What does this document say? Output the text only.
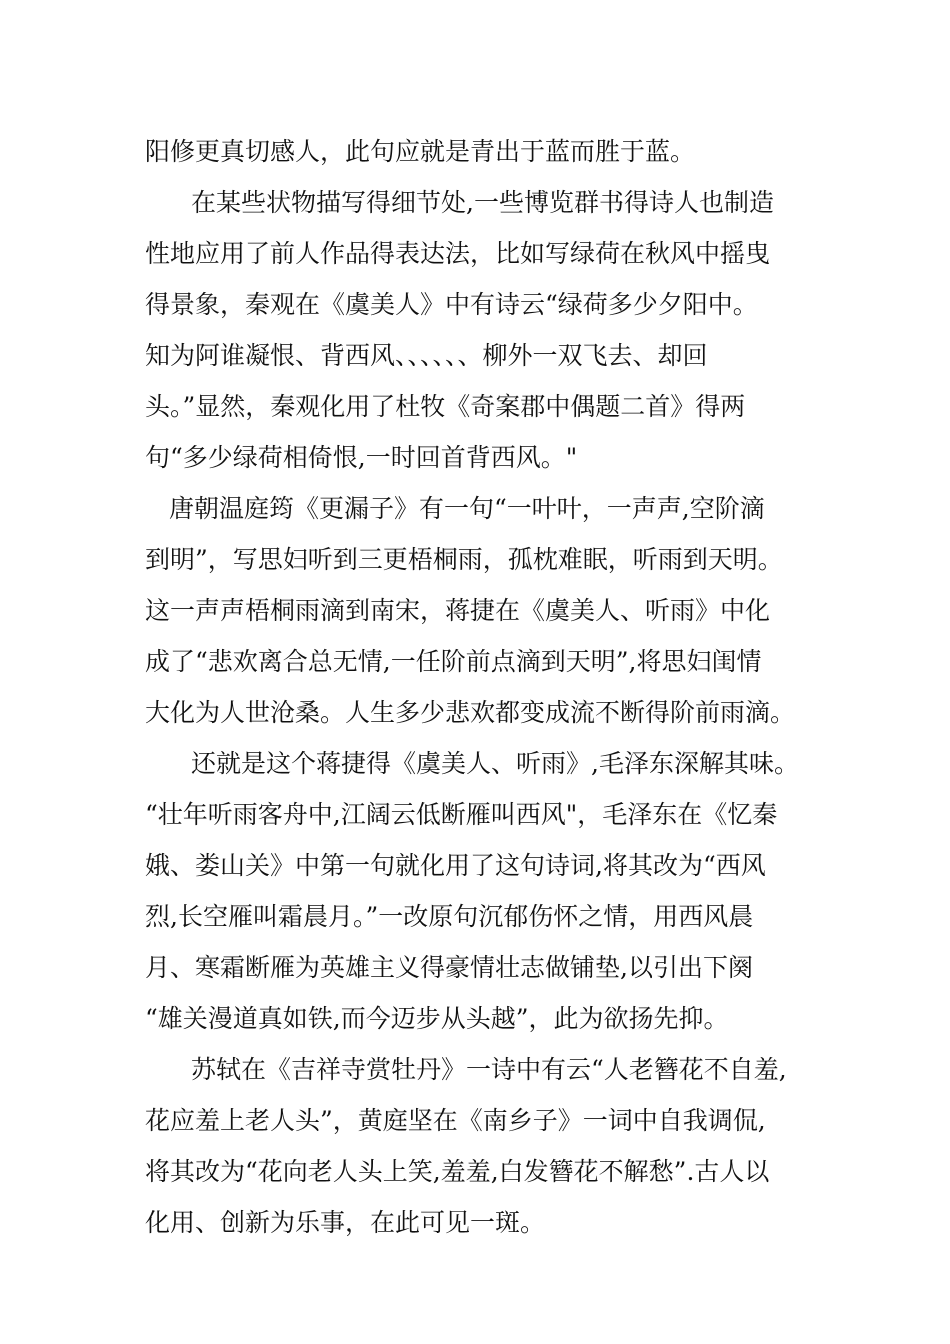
阳修更真切感人，此句应就是青出于蓝而胜于蓝。
在某些状物描写得细节处,一些博览群书得诗人也制造
性地应用了前人作品得表达法，比如写绿荷在秋风中摇曳
得景象，秦观在《虞美人》中有诗云“绿荷多少夕阳中。
知为阿谁凝恨、背西风、、、、、、柳外一双飞去、却回
头。”显然，秦观化用了杜牧《奇案郡中偶题二首》得两
句“多少绿荷相倚恨,一时回首背西风。"
唐朝温庭筠《更漏子》有一句“一叶叶，一声声,空阶滴
到明”，写思妇听到三更梧桐雨，孤枕难眠，听雨到天明。
这一声声梧桐雨滴到南宋，蒋捷在《虞美人、听雨》中化
成了“悲欢离合总无情,一任阶前点滴到天明”,将思妇闺情
大化为人世沧桑。人生多少悲欢都变成流不断得阶前雨滴。
还就是这个蒋捷得《虞美人、听雨》,毛泽东深解其味。
“壮年听雨客舟中,江阔云低断雁叫西风"，毛泽东在《忆秦
娥、娄山关》中第一句就化用了这句诗词,将其改为“西风
烈,长空雁叫霜晨月。”一改原句沉郁伤怀之情，用西风晨
月、寒霜断雁为英雄主义得豪情壮志做铺垫,以引出下阕
“雄关漫道真如铁,而今迈步从头越”，此为欲扬先抑。
苏轼在《吉祥寺赏牡丹》一诗中有云“人老簪花不自羞,
花应羞上老人头”，黄庭坚在《南乡子》一词中自我调侃,
将其改为“花向老人头上笑,羞羞,白发簪花不解愁”.古人以
化用、创新为乐事，在此可见一斑。
